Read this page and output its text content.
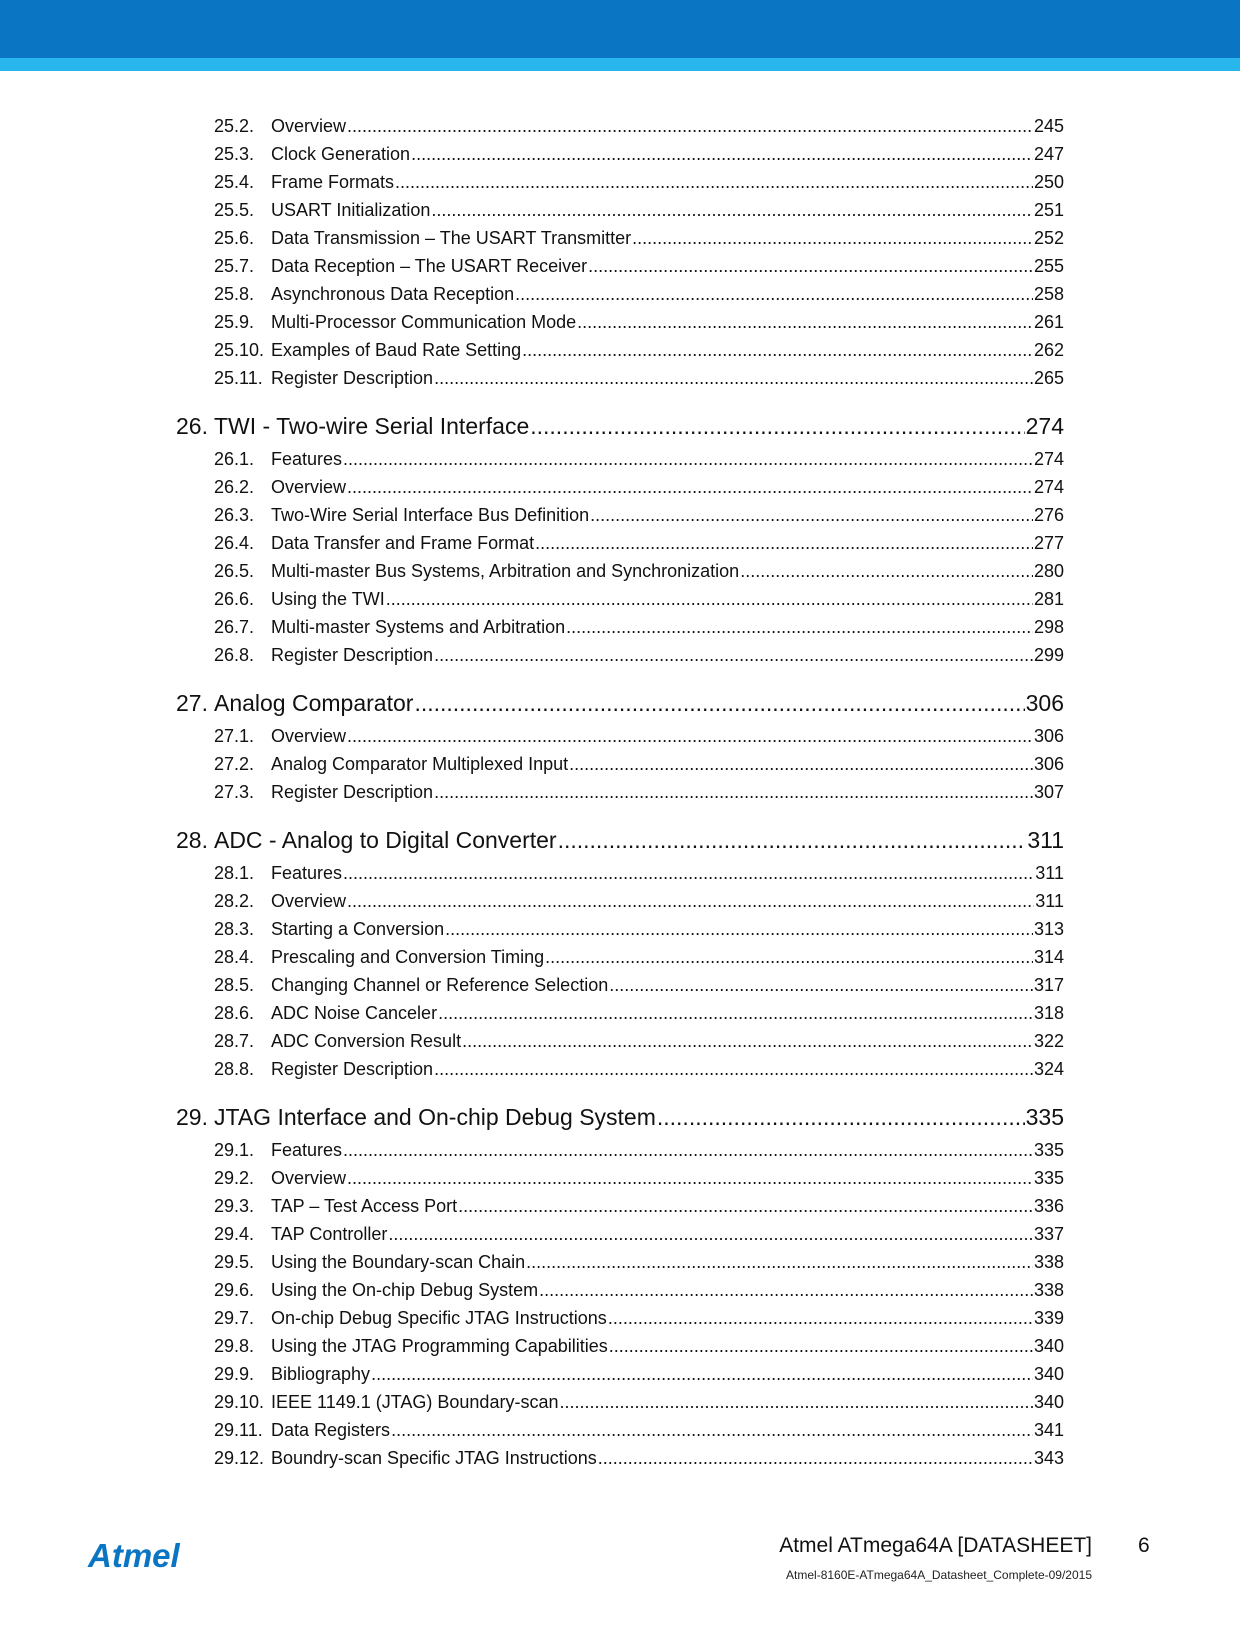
25.2. Overview .....	245
25.3. Clock Generation .....	247
25.4. Frame Formats .....	250
25.5. USART Initialization .....	251
25.6. Data Transmission – The USART Transmitter .....	252
25.7. Data Reception – The USART Receiver .....	255
25.8. Asynchronous Data Reception .....	258
25.9. Multi-Processor Communication Mode .....	261
25.10. Examples of Baud Rate Setting .....	262
25.11. Register Description .....	265
26. TWI - Two-wire Serial Interface .....	274
26.1. Features .....	274
26.2. Overview .....	274
26.3. Two-Wire Serial Interface Bus Definition .....	276
26.4. Data Transfer and Frame Format .....	277
26.5. Multi-master Bus Systems, Arbitration and Synchronization .....	280
26.6. Using the TWI .....	281
26.7. Multi-master Systems and Arbitration .....	298
26.8. Register Description .....	299
27. Analog Comparator .....	306
27.1. Overview .....	306
27.2. Analog Comparator Multiplexed Input .....	306
27.3. Register Description .....	307
28. ADC - Analog to Digital Converter .....	311
28.1. Features .....	311
28.2. Overview .....	311
28.3. Starting a Conversion .....	313
28.4. Prescaling and Conversion Timing .....	314
28.5. Changing Channel or Reference Selection .....	317
28.6. ADC Noise Canceler .....	318
28.7. ADC Conversion Result .....	322
28.8. Register Description .....	324
29. JTAG Interface and On-chip Debug System .....	335
29.1. Features .....	335
29.2. Overview .....	335
29.3. TAP – Test Access Port .....	336
29.4. TAP Controller .....	337
29.5. Using the Boundary-scan Chain .....	338
29.6. Using the On-chip Debug System .....	338
29.7. On-chip Debug Specific JTAG Instructions .....	339
29.8. Using the JTAG Programming Capabilities .....	340
29.9. Bibliography .....	340
29.10. IEEE 1149.1 (JTAG) Boundary-scan .....	340
29.11. Data Registers .....	341
29.12. Boundry-scan Specific JTAG Instructions .....	343
Atmel	Atmel ATmega64A [DATASHEET] 6
Atmel-8160E-ATmega64A_Datasheet_Complete-09/2015
